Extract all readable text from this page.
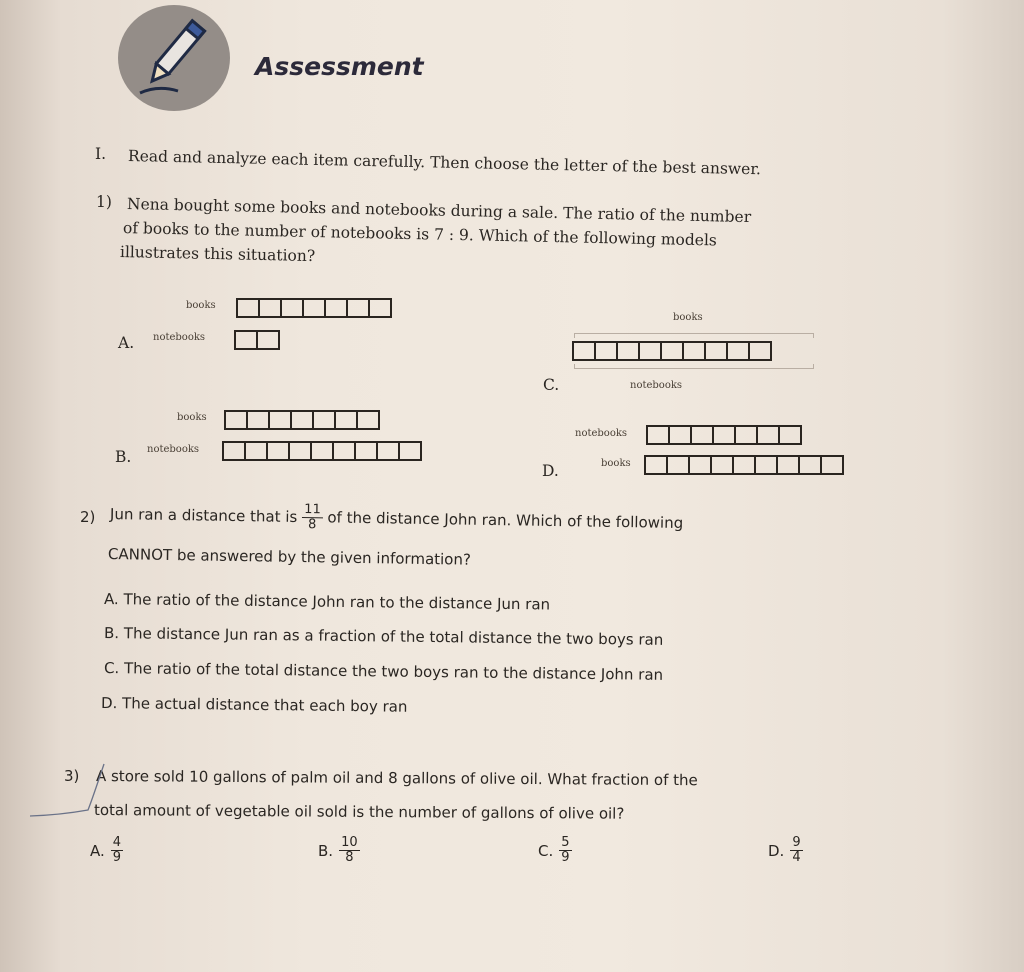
Assessment
I. Read and analyze each item carefully. Then choose the letter of the best answer.
1) Nena bought some books and notebooks during a sale. The ratio of the number
of books to the number of notebooks is 7 : 9. Which of the following models
illustrates this situation?
A.
books
notebooks
B.
books
notebooks
C.
books
notebooks
D.
notebooks
books
2) Jun ran a distance that is $\frac{11}{8}$ of the distance John ran. Which of the following
CANNOT be answered by the given information?
A. The ratio of the distance John ran to the distance Jun ran
B. The distance Jun ran as a fraction of the total distance the two boys ran
C. The ratio of the total distance the two boys ran to the distance John ran
D. The actual distance that each boy ran
3) A store sold 10 gallons of palm oil and 8 gallons of olive oil. What fraction of the
total amount of vegetable oil sold is the number of gallons of olive oil?
A. $\frac{4}{9}$	B. $\frac{10}{8}$	C. $\frac{5}{9}$	D. $\frac{9}{4}$
